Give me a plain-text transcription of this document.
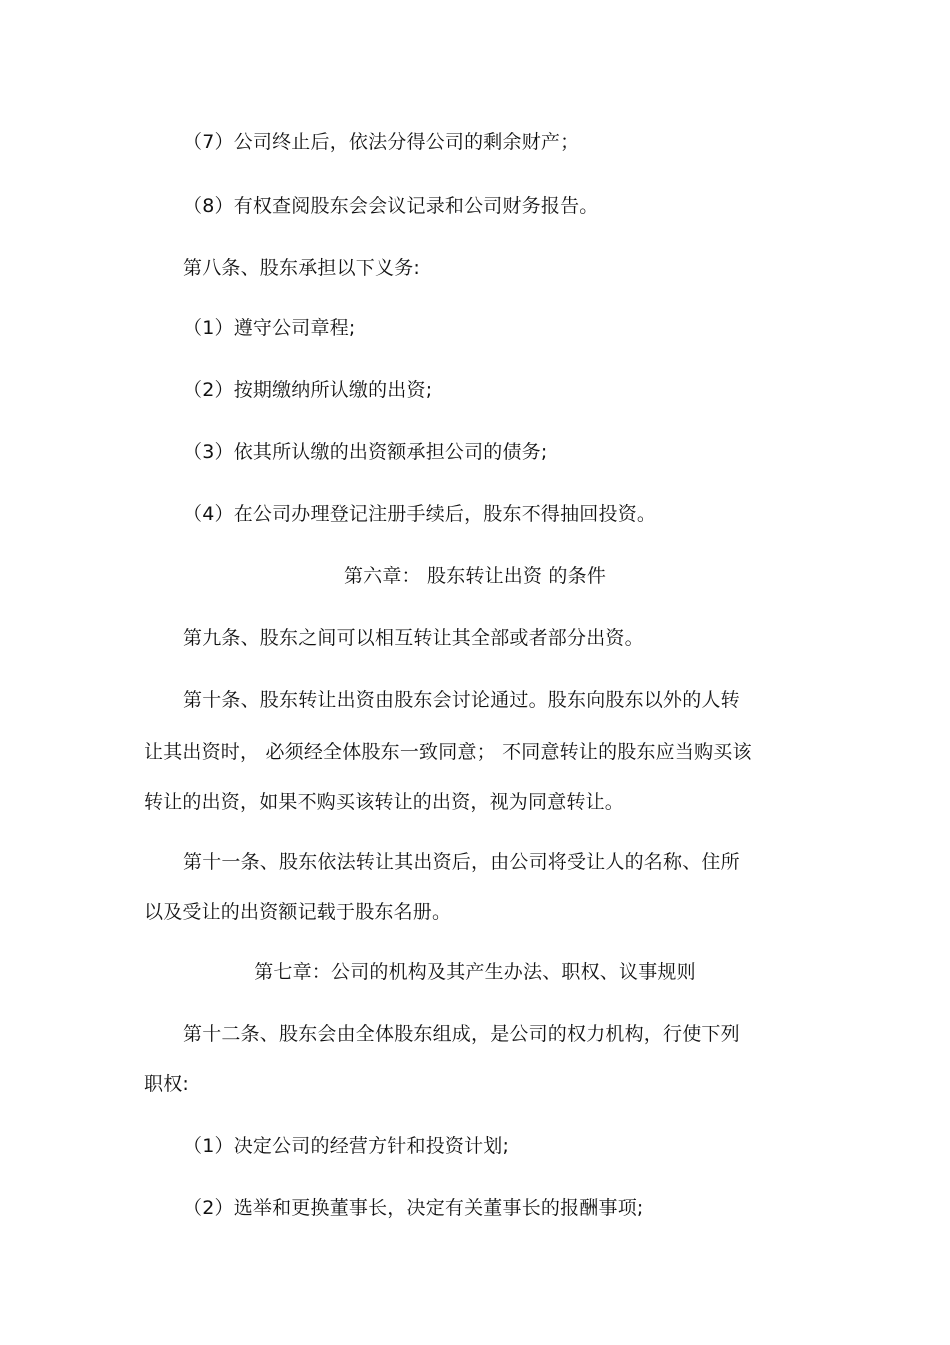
（7）公司终止后，依法分得公司的剩余财产；
（8）有权查阅股东会会议记录和公司财务报告。
第八条、股东承担以下义务:
（1）遵守公司章程;
（2）按期缴纳所认缴的出资;
（3）依其所认缴的出资额承担公司的债务;
（4）在公司办理登记注册手续后，股东不得抽回投资。
第六章： 股东转让出资 的条件
第九条、股东之间可以相互转让其全部或者部分出资。
第十条、股东转让出资由股东会讨论通过。股东向股东以外的人转
让其出资时， 必须经全体股东一致同意； 不同意转让的股东应当购买该
转让的出资，如果不购买该转让的出资，视为同意转让。
第十一条、股东依法转让其出资后，由公司将受让人的名称、住所
以及受让的出资额记载于股东名册。
第七章：公司的机构及其产生办法、职权、议事规则
第十二条、股东会由全体股东组成，是公司的权力机构，行使下列
职权:
（1）决定公司的经营方针和投资计划;
（2）选举和更换董事长，决定有关董事长的报酬事项;
